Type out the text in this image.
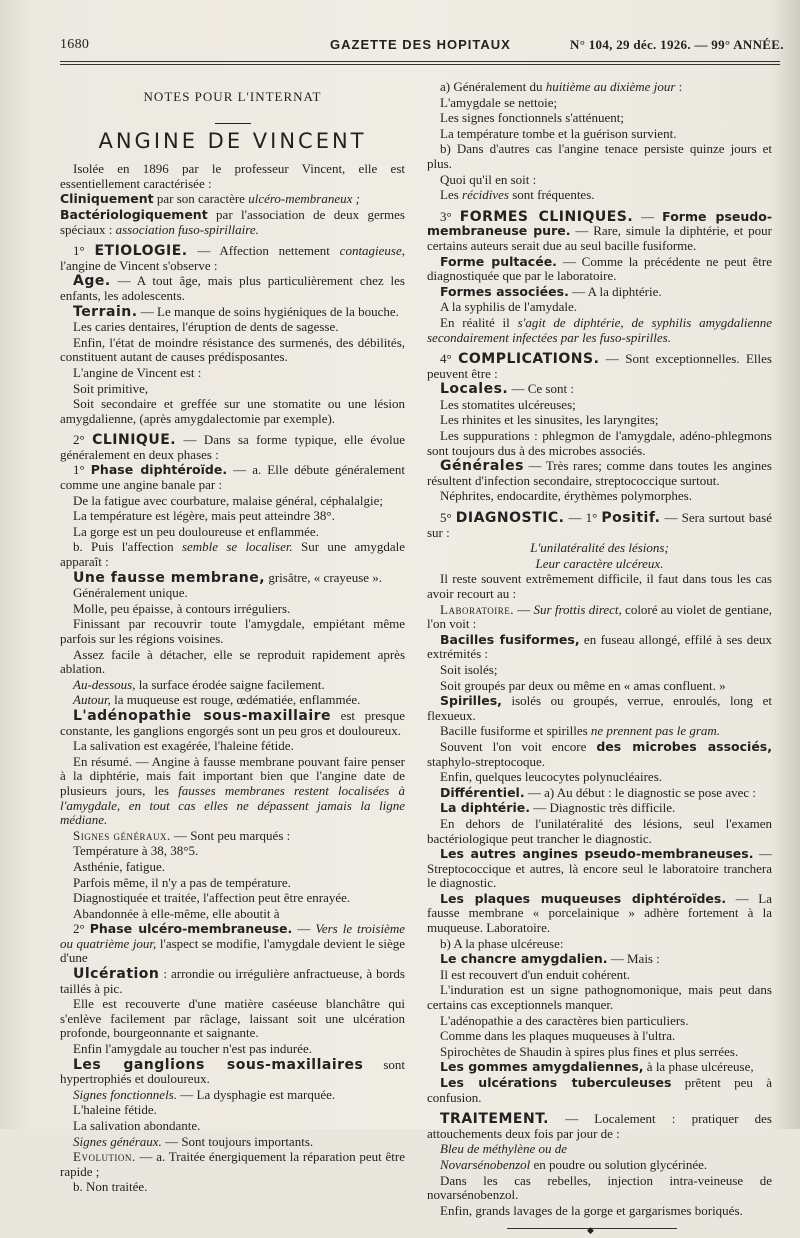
1680	GAZETTE DES HOPITAUX	N° 104, 29 déc. 1926. — 99° ANNÉE.

NOTES POUR L'INTERNAT

ANGINE DE VINCENT

Isolée en 1896 par le professeur Vincent, elle est essentiellement caractérisée :

Cliniquement par son caractère ulcéro-membraneux ;

Bactériologiquement par l'association de deux germes spéciaux : association fuso-spirillaire.

1° ETIOLOGIE. — Affection nettement contagieuse, l'angine de Vincent s'observe :

Age. — A tout âge, mais plus particulièrement chez les enfants, les adolescents.

Terrain. — Le manque de soins hygiéniques de la bouche.

Les caries dentaires, l'éruption de dents de sagesse.

Enfin, l'état de moindre résistance des surmenés, des débilités, constituent autant de causes prédisposantes.

L'angine de Vincent est :

Soit primitive,

Soit secondaire et greffée sur une stomatite ou une lésion amygdalienne, (après amygdalectomie par exemple).

2° CLINIQUE. — Dans sa forme typique, elle évolue généralement en deux phases :

1° Phase diphtéroïde. — a. Elle débute généralement comme une angine banale par :

De la fatigue avec courbature, malaise général, céphalalgie;

La température est légère, mais peut atteindre 38°.

La gorge est un peu douloureuse et enflammée.

b. Puis l'affection semble se localiser. Sur une amygdale apparaît :

Une fausse membrane, grisâtre, « crayeuse ».

Généralement unique.

Molle, peu épaisse, à contours irréguliers.

Finissant par recouvrir toute l'amygdale, empiétant même parfois sur les régions voisines.

Assez facile à détacher, elle se reproduit rapidement après ablation.

Au-dessous, la surface érodée saigne facilement.

Autour, la muqueuse est rouge, œdématiée, enflammée.

L'adénopathie sous-maxillaire est presque constante, les ganglions engorgés sont un peu gros et douloureux.

La salivation est exagérée, l'haleine fétide.

En résumé. — Angine à fausse membrane pouvant faire penser à la diphtérie, mais fait important bien que l'angine date de plusieurs jours, les fausses membranes restent localisées à l'amygdale, en tout cas elles ne dépassent jamais la ligne médiane.

Signes généraux. — Sont peu marqués :

Température à 38, 38°5.

Asthénie, fatigue.

Parfois même, il n'y a pas de température.

Diagnostiquée et traitée, l'affection peut être enrayée.

Abandonnée à elle-même, elle aboutit à

2° Phase ulcéro-membraneuse. — Vers le troisième ou quatrième jour, l'aspect se modifie, l'amygdale devient le siège d'une

Ulcération : arrondie ou irrégulière anfractueuse, à bords taillés à pic.

Elle est recouverte d'une matière caséeuse blanchâtre qui s'enlève facilement par râclage, laissant soit une ulcération profonde, bourgeonnante et saignante.

Enfin l'amygdale au toucher n'est pas indurée.

Les ganglions sous-maxillaires sont hypertrophiés et douloureux.

Signes fonctionnels. — La dysphagie est marquée.

L'haleine fétide.

La salivation abondante.

Signes généraux. — Sont toujours importants.

Evolution. — a. Traitée énergiquement la réparation peut être rapide ;

b. Non traitée.

a) Généralement du huitième au dixième jour :

L'amygdale se nettoie;

Les signes fonctionnels s'atténuent;

La température tombe et la guérison survient.

b) Dans d'autres cas l'angine tenace persiste quinze jours et plus.

Quoi qu'il en soit :

Les récidives sont fréquentes.

3° FORMES CLINIQUES. — Forme pseudo-membraneuse pure. — Rare, simule la diphtérie, et pour certains auteurs serait due au seul bacille fusiforme.

Forme pultacée. — Comme la précédente ne peut être diagnostiquée que par le laboratoire.

Formes associées. — A la diphtérie.

A la syphilis de l'amydale.

En réalité il s'agit de diphtérie, de syphilis amygdalienne secondairement infectées par les fuso-spirilles.

4° COMPLICATIONS. — Sont exceptionnelles. Elles peuvent être :

Locales. — Ce sont :

Les stomatites ulcéreuses;

Les rhinites et les sinusites, les laryngites;

Les suppurations : phlegmon de l'amygdale, adéno-phlegmons sont toujours dus à des microbes associés.

Générales — Très rares; comme dans toutes les angines résultent d'infection secondaire, streptococcique surtout.

Néphrites, endocardite, érythèmes polymorphes.

5° DIAGNOSTIC. — 1° Positif. — Sera surtout basé sur :

L'unilatéralité des lésions;

Leur caractère ulcéreux.

Il reste souvent extrêmement difficile, il faut dans tous les cas avoir recourt au :

Laboratoire. — Sur frottis direct, coloré au violet de gentiane, l'on voit :

Bacilles fusiformes, en fuseau allongé, effilé à ses deux extrémités :

Soit isolés;

Soit groupés par deux ou même en « amas confluent. »

Spirilles, isolés ou groupés, verrue, enroulés, long et flexueux.

Bacille fusiforme et spirilles ne prennent pas le gram.

Souvent l'on voit encore des microbes associés, staphylo-streptocoque.

Enfin, quelques leucocytes polynucléaires.

Différentiel. — a) Au début : le diagnostic se pose avec :

La diphtérie. — Diagnostic très difficile.

En dehors de l'unilatéralité des lésions, seul l'examen bactériologique peut trancher le diagnostic.

Les autres angines pseudo-membraneuses. — Streptococcique et autres, là encore seul le laboratoire tranchera le diagnostic.

Les plaques muqueuses diphtéroïdes. — La fausse membrane « porcelainique » adhère fortement à la muqueuse. Laboratoire.

b) A la phase ulcéreuse:

Le chancre amygdalien. — Mais :

Il est recouvert d'un enduit cohérent.

L'induration est un signe pathognomonique, mais peut dans certains cas exceptionnels manquer.

L'adénopathie a des caractères bien particuliers.

Comme dans les plaques muqueuses à l'ultra.

Spirochètes de Shaudin à spires plus fines et plus serrées.

Les gommes amygdaliennes, à la phase ulcéreuse,

Les ulcérations tuberculeuses prêtent peu à confusion.

TRAITEMENT. — Localement : pratiquer des attouchements deux fois par jour de :

Bleu de méthylène ou de

Novarsénobenzol en poudre ou solution glycérinée.

Dans les cas rebelles, injection intra-veineuse de novarsénobenzol.

Enfin, grands lavages de la gorge et gargarismes boriqués.

◆
